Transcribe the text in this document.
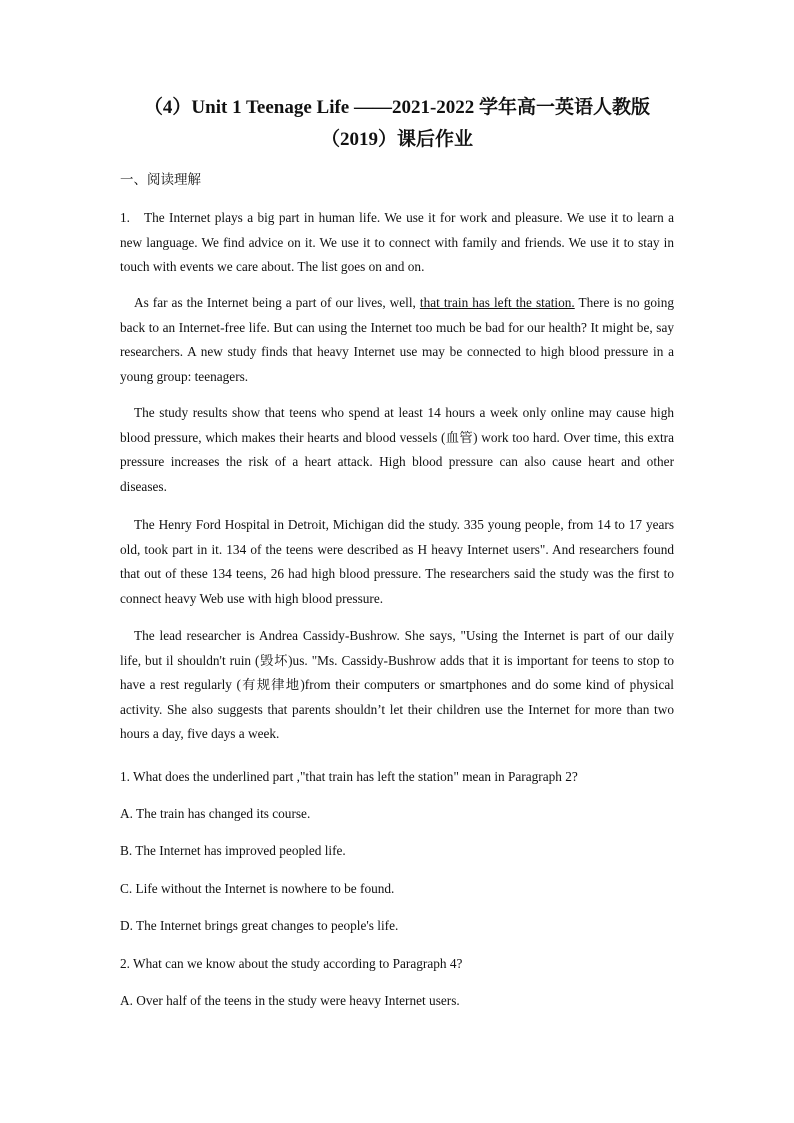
（4）Unit 1 Teenage Life ——2021-2022 学年高一英语人教版
（2019）课后作业

一、阅读理解

1. The Internet plays a big part in human life. We use it for work and pleasure. We use it to learn a new language. We find advice on it. We use it to connect with family and friends. We use it to stay in touch with events we care about. The list goes on and on.

As far as the Internet being a part of our lives, well, that train has left the station. There is no going back to an Internet-free life. But can using the Internet too much be bad for our health? It might be, say researchers. A new study finds that heavy Internet use may be connected to high blood pressure in a young group: teenagers.

The study results show that teens who spend at least 14 hours a week only online may cause high blood pressure, which makes their hearts and blood vessels (血管) work too hard. Over time, this extra pressure increases the risk of a heart attack. High blood pressure can also cause heart and other diseases.

The Henry Ford Hospital in Detroit, Michigan did the study. 335 young people, from 14 to 17 years old, took part in it. 134 of the teens were described as H heavy Internet users". And researchers found that out of these 134 teens, 26 had high blood pressure. The researchers said the study was the first to connect heavy Web use with high blood pressure.

The lead researcher is Andrea Cassidy-Bushrow. She says, "Using the Internet is part of our daily life, but il shouldn't ruin (毁坏)us. "Ms. Cassidy-Bushrow adds that it is important for teens to stop to have a rest regularly (有规律地)from their computers or smartphones and do some kind of physical activity. She also suggests that parents shouldn’t let their children use the Internet for more than two hours a day, five days a week.

1. What does the underlined part ,"that train has left the station" mean in Paragraph 2?

A. The train has changed its course.

B. The Internet has improved peopled life.

C. Life without the Internet is nowhere to be found.

D. The Internet brings great changes to people's life.

2. What can we know about the study according to Paragraph 4?

A. Over half of the teens in the study were heavy Internet users.
